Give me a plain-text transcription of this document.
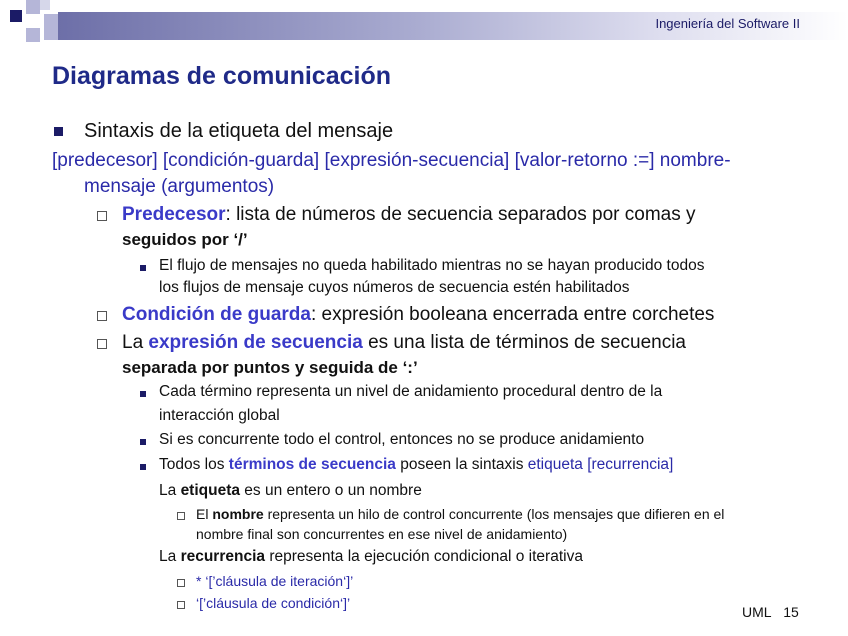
Ingeniería del Software II
Diagramas de comunicación
Sintaxis de la etiqueta del mensaje
[predecesor] [condición-guarda] [expresión-secuencia] [valor-retorno :=] nombre-
mensaje (argumentos)
Predecesor: lista de números de secuencia separados por comas y
seguidos por ‘/’
El flujo de mensajes no queda habilitado mientras no se hayan producido todos
los flujos de mensaje cuyos números de secuencia estén habilitados
Condición de guarda: expresión booleana encerrada entre corchetes
La expresión de secuencia es una lista de términos de secuencia
separada por puntos y seguida de ‘:’
Cada término representa un nivel de anidamiento procedural dentro de la
interacción global
Si es concurrente todo el control, entonces no se produce anidamiento
Todos los términos de secuencia poseen la sintaxis etiqueta [recurrencia]
La etiqueta es un entero o un nombre
El nombre representa un hilo de control concurrente (los mensajes que difieren en el
nombre final son concurrentes en ese nivel de anidamiento)
La recurrencia representa la ejecución condicional o iterativa
* ‘[’cláusula de iteración‘]’
‘[’cláusula de condición‘]’
UML 15
